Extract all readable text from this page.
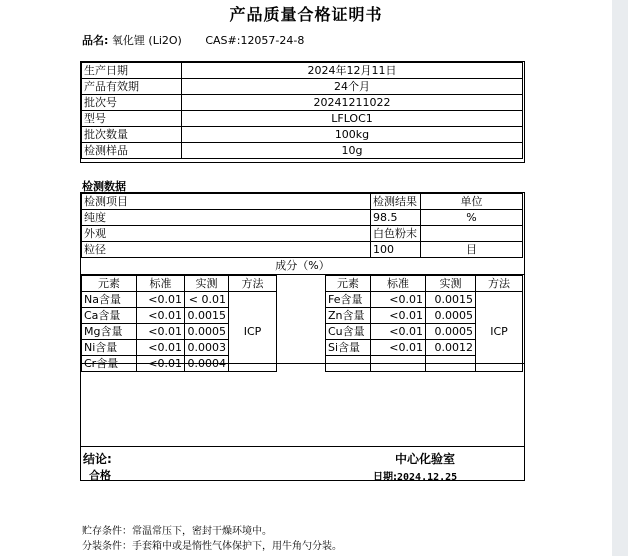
产品质量合格证明书
品名: 氧化锂 (Li2O) CAS#:12057-24-8
生产日期	2024年12月11日
产品有效期	24个月
批次号	20241211022
型号	LFLOC1
批次数量	100kg
检测样品	10g
检测数据
检测项目	检测结果	单位
纯度	98.5	%
外观	白色粉末	
粒径	100	目
成分（%）
元素	标准	实测	方法
Na含量	<0.01	< 0.01	ICP
Ca含量	<0.01	0.0015	
Mg含量	<0.01	0.0005	
Ni含量	<0.01	0.0003	
Cr含量	<0.01	0.0004	
元素	标准	实测	方法
Fe含量	<0.01	0.0015	ICP
Zn含量	<0.01	0.0005	
Cu含量	<0.01	0.0005	
Si含量	<0.01	0.0012	

结论:
合格
中心化验室
日期:2024.12.25
贮存条件：常温常压下，密封干燥环境中。
分装条件：手套箱中或是惰性气体保护下，用牛角勺分装。
